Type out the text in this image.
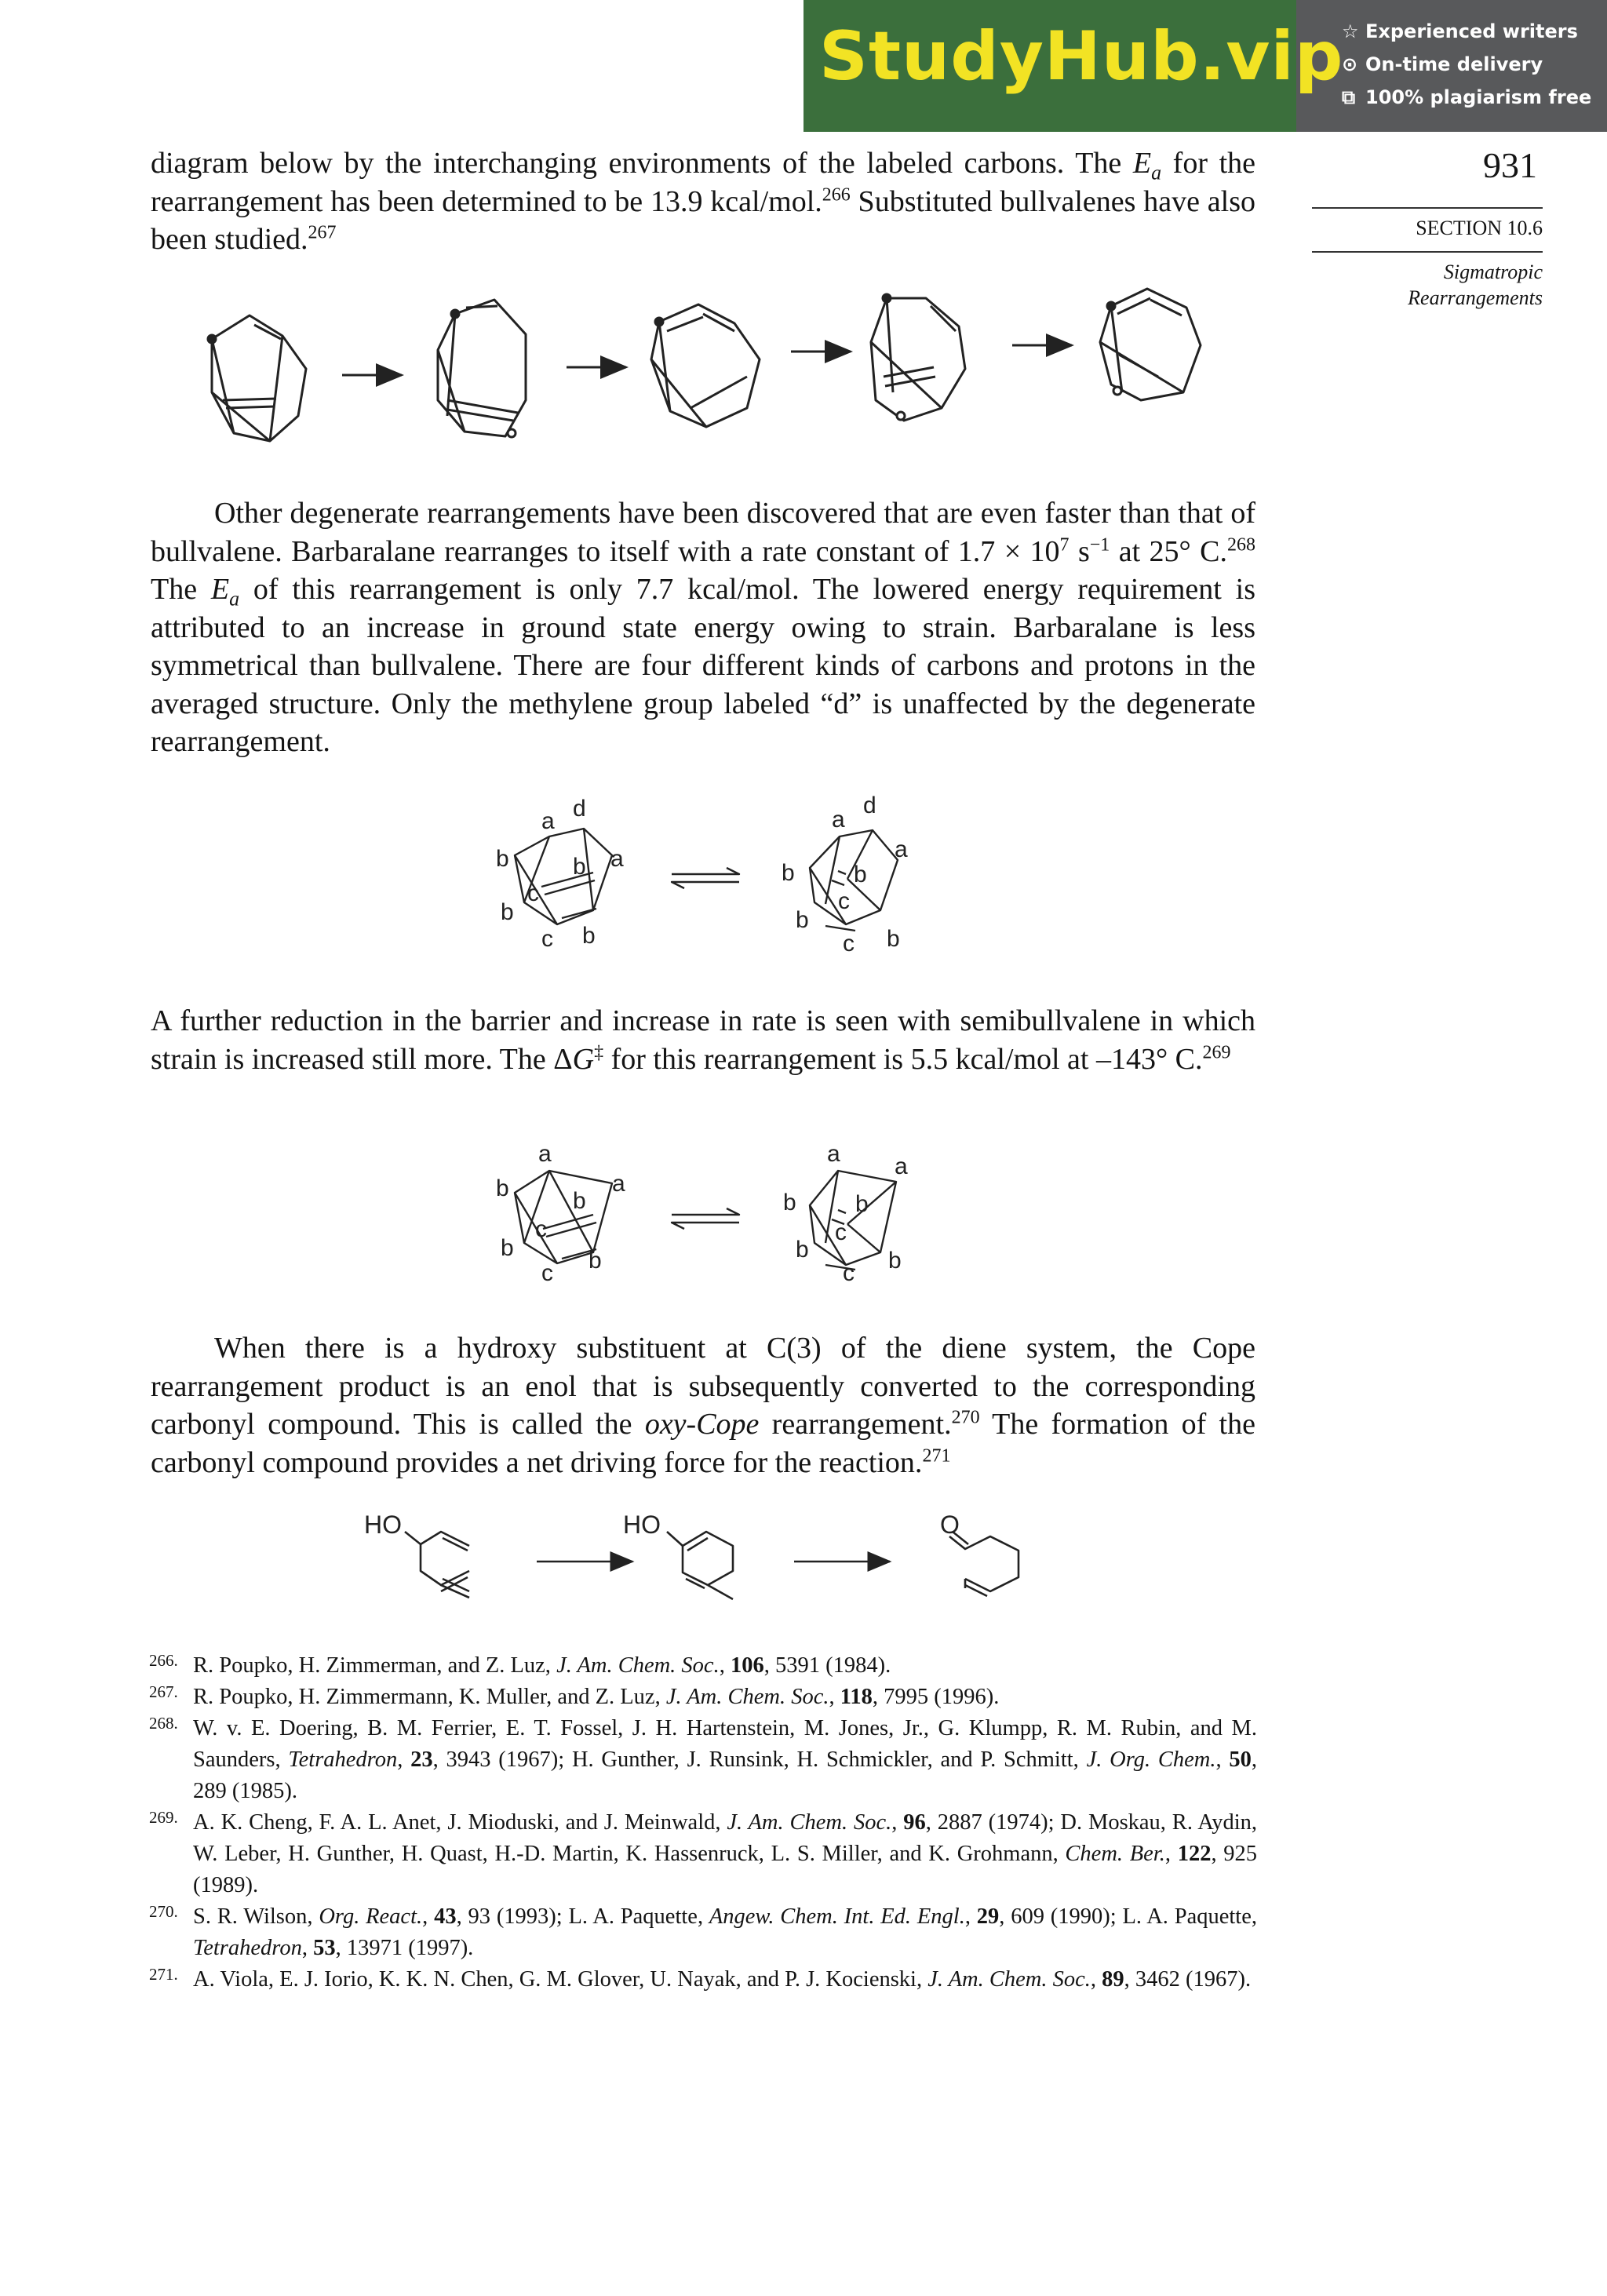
StudyHub.vip
☆ Experienced writers
⊙ On-time delivery
⧉ 100% plagiarism free
931
SECTION 10.6
Sigmatropic
Rearrangements
diagram below by the interchanging environments of the labeled carbons. The $E_a$ for the rearrangement has been determined to be 13.9 kcal/mol.$^{266}$ Substituted bullvalenes have also been studied.$^{267}$
Other degenerate rearrangements have been discovered that are even faster than that of bullvalene. Barbaralane rearranges to itself with a rate constant of $1.7 \times 10^7$ $s^{-1}$ at 25° C.$^{268}$ The $E_a$ of this rearrangement is only 7.7 kcal/mol. The lowered energy requirement is attributed to an increase in ground state energy owing to strain. Barbaralane is less symmetrical than bullvalene. There are four different kinds of carbons and protons in the averaged structure. Only the methylene group labeled “d” is unaffected by the degenerate rearrangement.
a d
b	b a
c
b
c b
a
d
b	b
a
c
b
c b
A further reduction in the barrier and increase in rate is seen with semibullvalene in which strain is increased still more. The ΔG‡ for this rearrangement is 5.5 kcal/mol at –143° C.$^{269}$
a
b	b
a
c
b
c b
a a
b	b
c
b
c b
When there is a hydroxy substituent at C(3) of the diene system, the Cope rearrangement product is an enol that is subsequently converted to the corresponding carbonyl compound. This is called the oxy-Cope rearrangement.$^{270}$ The formation of the carbonyl compound provides a net driving force for the reaction.$^{271}$
HO	HO	O
266. R. Poupko, H. Zimmerman, and Z. Luz, J. Am. Chem. Soc., 106, 5391 (1984).
267. R. Poupko, H. Zimmermann, K. Muller, and Z. Luz, J. Am. Chem. Soc., 118, 7995 (1996).
268. W. v. E. Doering, B. M. Ferrier, E. T. Fossel, J. H. Hartenstein, M. Jones, Jr., G. Klumpp, R. M. Rubin, and M. Saunders, Tetrahedron, 23, 3943 (1967); H. Gunther, J. Runsink, H. Schmickler, and P. Schmitt, J. Org. Chem., 50, 289 (1985).
269. A. K. Cheng, F. A. L. Anet, J. Mioduski, and J. Meinwald, J. Am. Chem. Soc., 96, 2887 (1974); D. Moskau, R. Aydin, W. Leber, H. Gunther, H. Quast, H.-D. Martin, K. Hassenruck, L. S. Miller, and K. Grohmann, Chem. Ber., 122, 925 (1989).
270. S. R. Wilson, Org. React., 43, 93 (1993); L. A. Paquette, Angew. Chem. Int. Ed. Engl., 29, 609 (1990); L. A. Paquette, Tetrahedron, 53, 13971 (1997).
271. A. Viola, E. J. Iorio, K. K. N. Chen, G. M. Glover, U. Nayak, and P. J. Kocienski, J. Am. Chem. Soc., 89, 3462 (1967).
